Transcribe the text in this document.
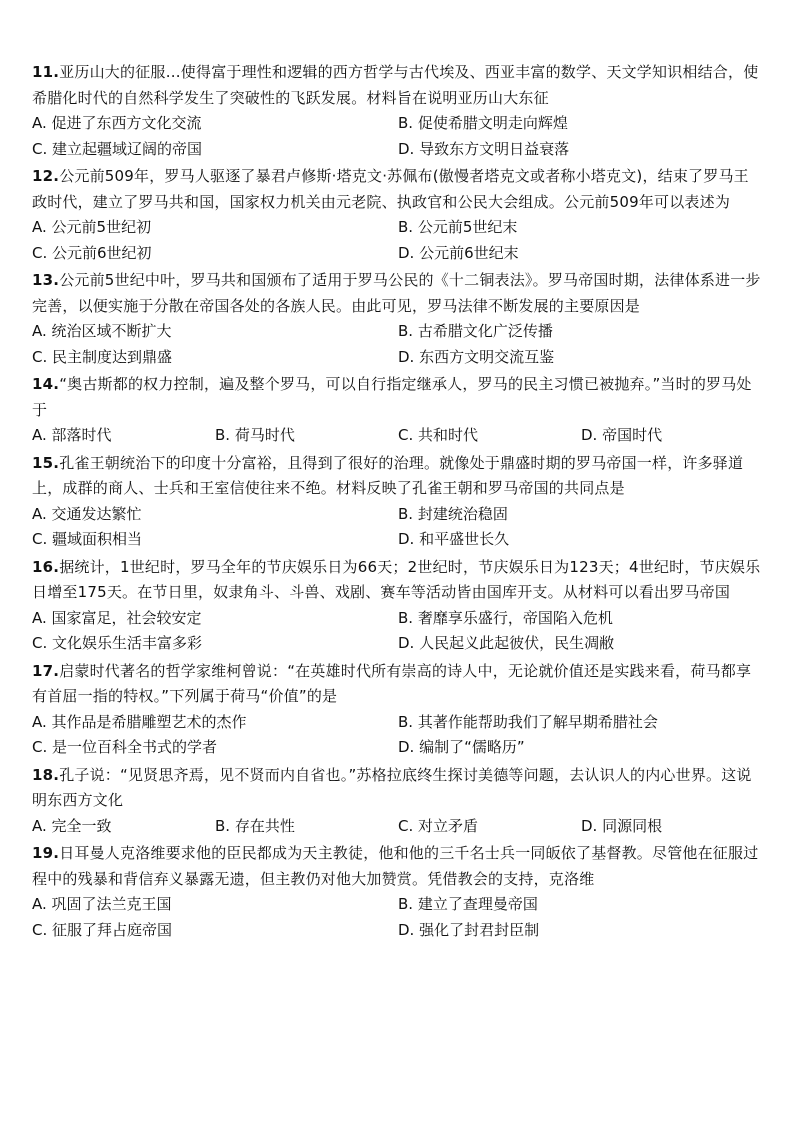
11.亚历山大的征服…使得富于理性和逻辑的西方哲学与古代埃及、西亚丰富的数学、天文学知识相结合，使希腊化时代的自然科学发生了突破性的飞跃发展。材料旨在说明亚历山大东征

A. 促进了东西方文化交流	B. 促使希腊文明走向辉煌
C. 建立起疆域辽阔的帝国	D. 导致东方文明日益衰落

12.公元前509年，罗马人驱逐了暴君卢修斯·塔克文·苏佩布(傲慢者塔克文或者称小塔克文)，结束了罗马王政时代，建立了罗马共和国，国家权力机关由元老院、执政官和公民大会组成。公元前509年可以表述为

A. 公元前5世纪初	B. 公元前5世纪末
C. 公元前6世纪初	D. 公元前6世纪末

13.公元前5世纪中叶，罗马共和国颁布了适用于罗马公民的《十二铜表法》。罗马帝国时期，法律体系进一步完善，以便实施于分散在帝国各处的各族人民。由此可见，罗马法律不断发展的主要原因是

A. 统治区域不断扩大	B. 古希腊文化广泛传播
C. 民主制度达到鼎盛	D. 东西方文明交流互鉴

14.“奥古斯都的权力控制，遍及整个罗马，可以自行指定继承人，罗马的民主习惯已被抛弃。”当时的罗马处于

A. 部落时代	B. 荷马时代	C. 共和时代	D. 帝国时代

15.孔雀王朝统治下的印度十分富裕，且得到了很好的治理。就像处于鼎盛时期的罗马帝国一样，许多驿道上，成群的商人、士兵和王室信使往来不绝。材料反映了孔雀王朝和罗马帝国的共同点是

A. 交通发达繁忙	B. 封建统治稳固
C. 疆域面积相当	D. 和平盛世长久

16.据统计，1世纪时，罗马全年的节庆娱乐日为66天；2世纪时，节庆娱乐日为123天；4世纪时，节庆娱乐日增至175天。在节日里，奴隶角斗、斗兽、戏剧、赛车等活动皆由国库开支。从材料可以看出罗马帝国

A. 国家富足，社会较安定	B. 奢靡享乐盛行，帝国陷入危机
C. 文化娱乐生活丰富多彩	D. 人民起义此起彼伏，民生凋敝

17.启蒙时代著名的哲学家维柯曾说：“在英雄时代所有崇高的诗人中，无论就价值还是实践来看，荷马都享有首屈一指的特权。”下列属于荷马“价值”的是

A. 其作品是希腊雕塑艺术的杰作	B. 其著作能帮助我们了解早期希腊社会
C. 是一位百科全书式的学者	D. 编制了“儒略历”

18.孔子说：“见贤思齐焉，见不贤而内自省也。”苏格拉底终生探讨美德等问题，去认识人的内心世界。这说明东西方文化

A. 完全一致	B. 存在共性	C. 对立矛盾	D. 同源同根

19.日耳曼人克洛维要求他的臣民都成为天主教徒，他和他的三千名士兵一同皈依了基督教。尽管他在征服过程中的残暴和背信弃义暴露无遗，但主教仍对他大加赞赏。凭借教会的支持，克洛维

A. 巩固了法兰克王国	B. 建立了查理曼帝国
C. 征服了拜占庭帝国	D. 强化了封君封臣制
